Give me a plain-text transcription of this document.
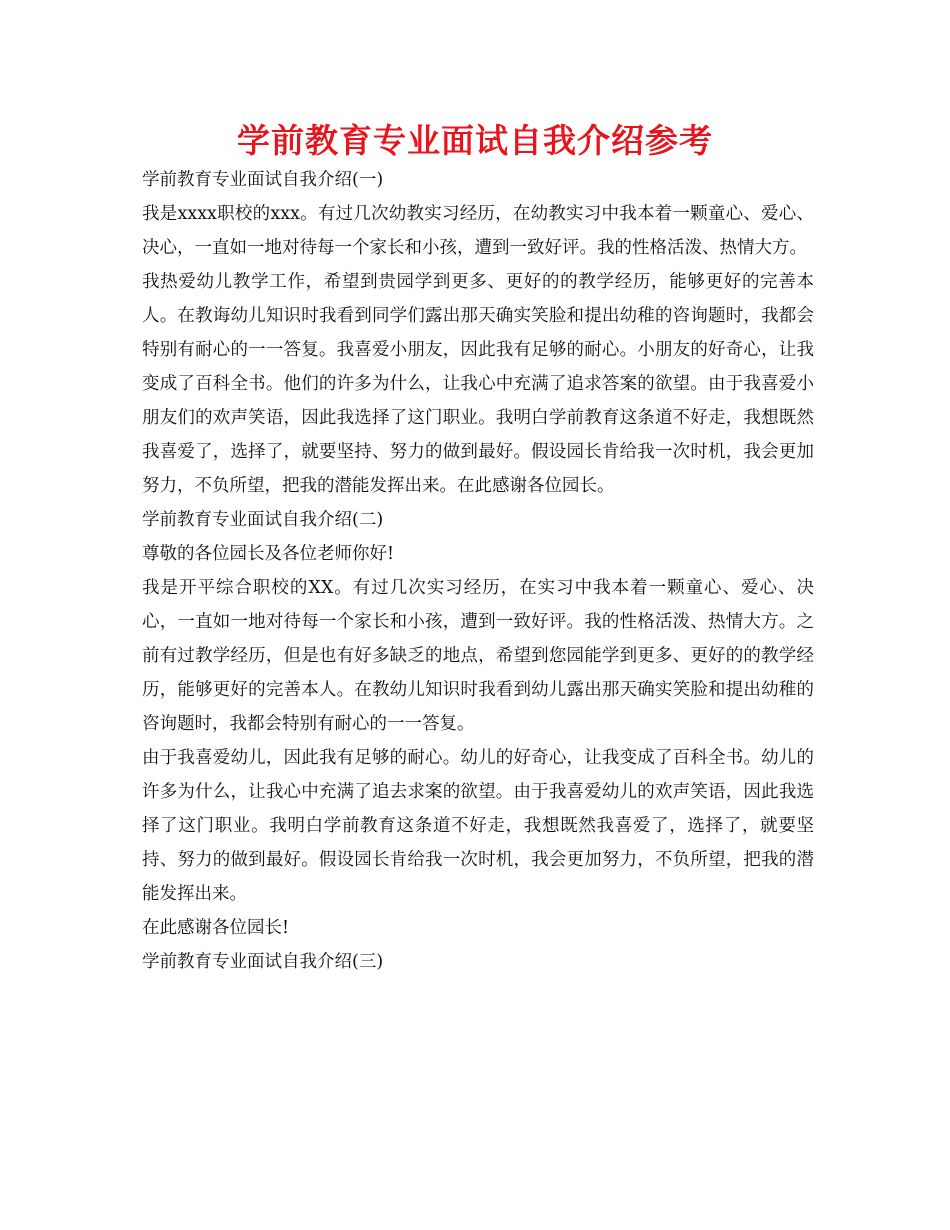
学前教育专业面试自我介绍参考

学前教育专业面试自我介绍(一)

我是xxxx职校的xxx。有过几次幼教实习经历，在幼教实习中我本着一颗童心、爱心、决心，一直如一地对待每一个家长和小孩，遭到一致好评。我的性格活泼、热情大方。

我热爱幼儿教学工作，希望到贵园学到更多、更好的的教学经历，能够更好的完善本人。在教诲幼儿知识时我看到同学们露出那天确实笑脸和提出幼稚的咨询题时，我都会特别有耐心的一一答复。我喜爱小朋友，因此我有足够的耐心。小朋友的好奇心，让我变成了百科全书。他们的许多为什么，让我心中充满了追求答案的欲望。由于我喜爱小朋友们的欢声笑语，因此我选择了这门职业。我明白学前教育这条道不好走，我想既然我喜爱了，选择了，就要坚持、努力的做到最好。假设园长肯给我一次时机，我会更加努力，不负所望，把我的潜能发挥出来。在此感谢各位园长。

学前教育专业面试自我介绍(二)

尊敬的各位园长及各位老师你好!

我是开平综合职校的XX。有过几次实习经历，在实习中我本着一颗童心、爱心、决心，一直如一地对待每一个家长和小孩，遭到一致好评。我的性格活泼、热情大方。之前有过教学经历，但是也有好多缺乏的地点，希望到您园能学到更多、更好的的教学经历，能够更好的完善本人。在教幼儿知识时我看到幼儿露出那天确实笑脸和提出幼稚的咨询题时，我都会特别有耐心的一一答复。

由于我喜爱幼儿，因此我有足够的耐心。幼儿的好奇心，让我变成了百科全书。幼儿的许多为什么，让我心中充满了追去求案的欲望。由于我喜爱幼儿的欢声笑语，因此我选择了这门职业。我明白学前教育这条道不好走，我想既然我喜爱了，选择了，就要坚持、努力的做到最好。假设园长肯给我一次时机，我会更加努力，不负所望，把我的潜能发挥出来。

在此感谢各位园长!

学前教育专业面试自我介绍(三)
